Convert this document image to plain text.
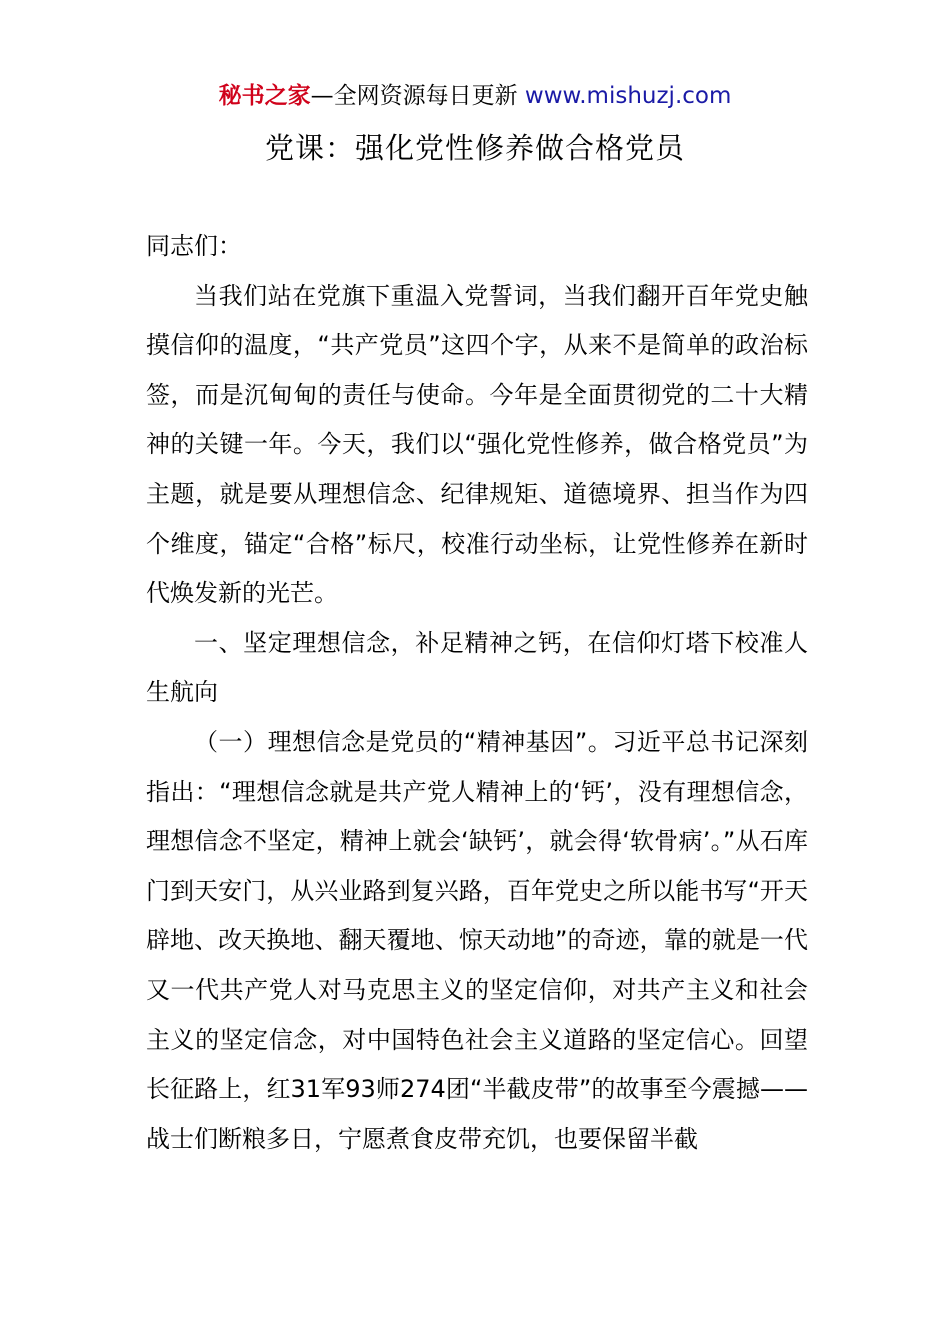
秘书之家—全网资源每日更新 www.mishuzj.com
党课：强化党性修养做合格党员

同志们：

当我们站在党旗下重温入党誓词，当我们翻开百年党史触摸信仰的温度，“共产党员”这四个字，从来不是简单的政治标签，而是沉甸甸的责任与使命。今年是全面贯彻党的二十大精神的关键一年。今天，我们以“强化党性修养，做合格党员”为主题，就是要从理想信念、纪律规矩、道德境界、担当作为四个维度，锚定“合格”标尺，校准行动坐标，让党性修养在新时代焕发新的光芒。

一、坚定理想信念，补足精神之钙，在信仰灯塔下校准人生航向

（一）理想信念是党员的“精神基因”。习近平总书记深刻指出：“理想信念就是共产党人精神上的‘钙’，没有理想信念，理想信念不坚定，精神上就会‘缺钙’，就会得‘软骨病’。”从石库门到天安门，从兴业路到复兴路，百年党史之所以能书写“开天辟地、改天换地、翻天覆地、惊天动地”的奇迹，靠的就是一代又一代共产党人对马克思主义的坚定信仰，对共产主义和社会主义的坚定信念，对中国特色社会主义道路的坚定信心。回望长征路上，红31军93师274团“半截皮带”的故事至今震撼——战士们断粮多日，宁愿煮食皮带充饥，也要保留半截
